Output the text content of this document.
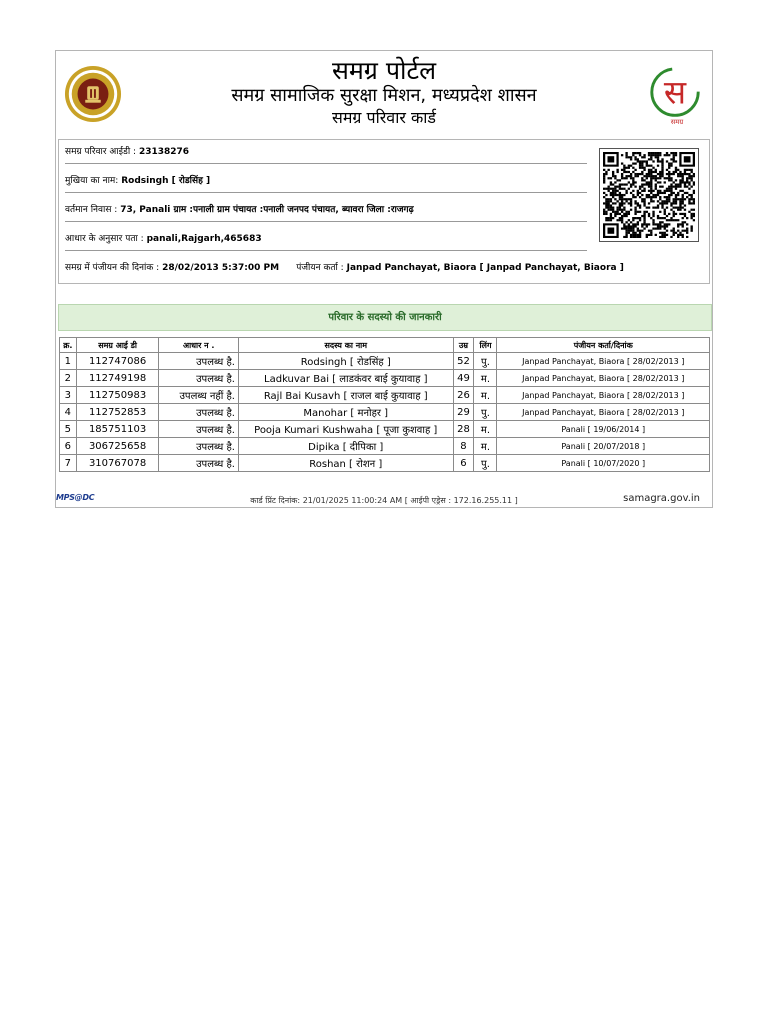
समग्र पोर्टल
समग्र सामाजिक सुरक्षा मिशन, मध्यप्रदेश शासन
समग्र परिवार कार्ड
स
समग्र
समग्र परिवार आईडी : 23138276
मुखिया का नाम: Rodsingh [ रोडसिंह ]
वर्तमान निवास : 73, Panali ग्राम :पनाली ग्राम पंचायत :पनाली जनपद पंचायत, ब्यावरा जिला :राजगढ़
आधार के अनुसार पता : panali,Rajgarh,465683
समग्र में पंजीयन की दिनांक : 28/02/2013 5:37:00 PM पंजीयन कर्ता : Janpad Panchayat, Biaora [ Janpad Panchayat, Biaora ]
परिवार के सदस्यो की जानकारी
क्र.	समग्र आई डी	आधार न .	सदस्य का नाम	उम्र	लिंग	पंजीयन कर्ता/दिनांक
1	112747086	उपलब्ध है.	Rodsingh [ रोडसिंह ]	52	पु.	Janpad Panchayat, Biaora [ 28/02/2013 ]
2	112749198	उपलब्ध है.	Ladkuvar Bai [ लाडकंवर बाई कुयावाह ]	49	म.	Janpad Panchayat, Biaora [ 28/02/2013 ]
3	112750983	उपलब्ध नहीं है.	Rajl Bai Kusavh [ राजल बाई कुयावाह ]	26	म.	Janpad Panchayat, Biaora [ 28/02/2013 ]
4	112752853	उपलब्ध है.	Manohar [ मनोहर ]	29	पु.	Janpad Panchayat, Biaora [ 28/02/2013 ]
5	185751103	उपलब्ध है.	Pooja Kumari Kushwaha [ पूजा कुशवाह ]	28	म.	Panali [ 19/06/2014 ]
6	306725658	उपलब्ध है.	Dipika [ दीपिका ]	8	म.	Panali [ 20/07/2018 ]
7	310767078	उपलब्ध है.	Roshan [ रोशन ]	6	पु.	Panali [ 10/07/2020 ]
MPS@DC	कार्ड प्रिंट दिनांक: 21/01/2025 11:00:24 AM [ आईपी एड्रेस : 172.16.255.11 ]	samagra.gov.in
